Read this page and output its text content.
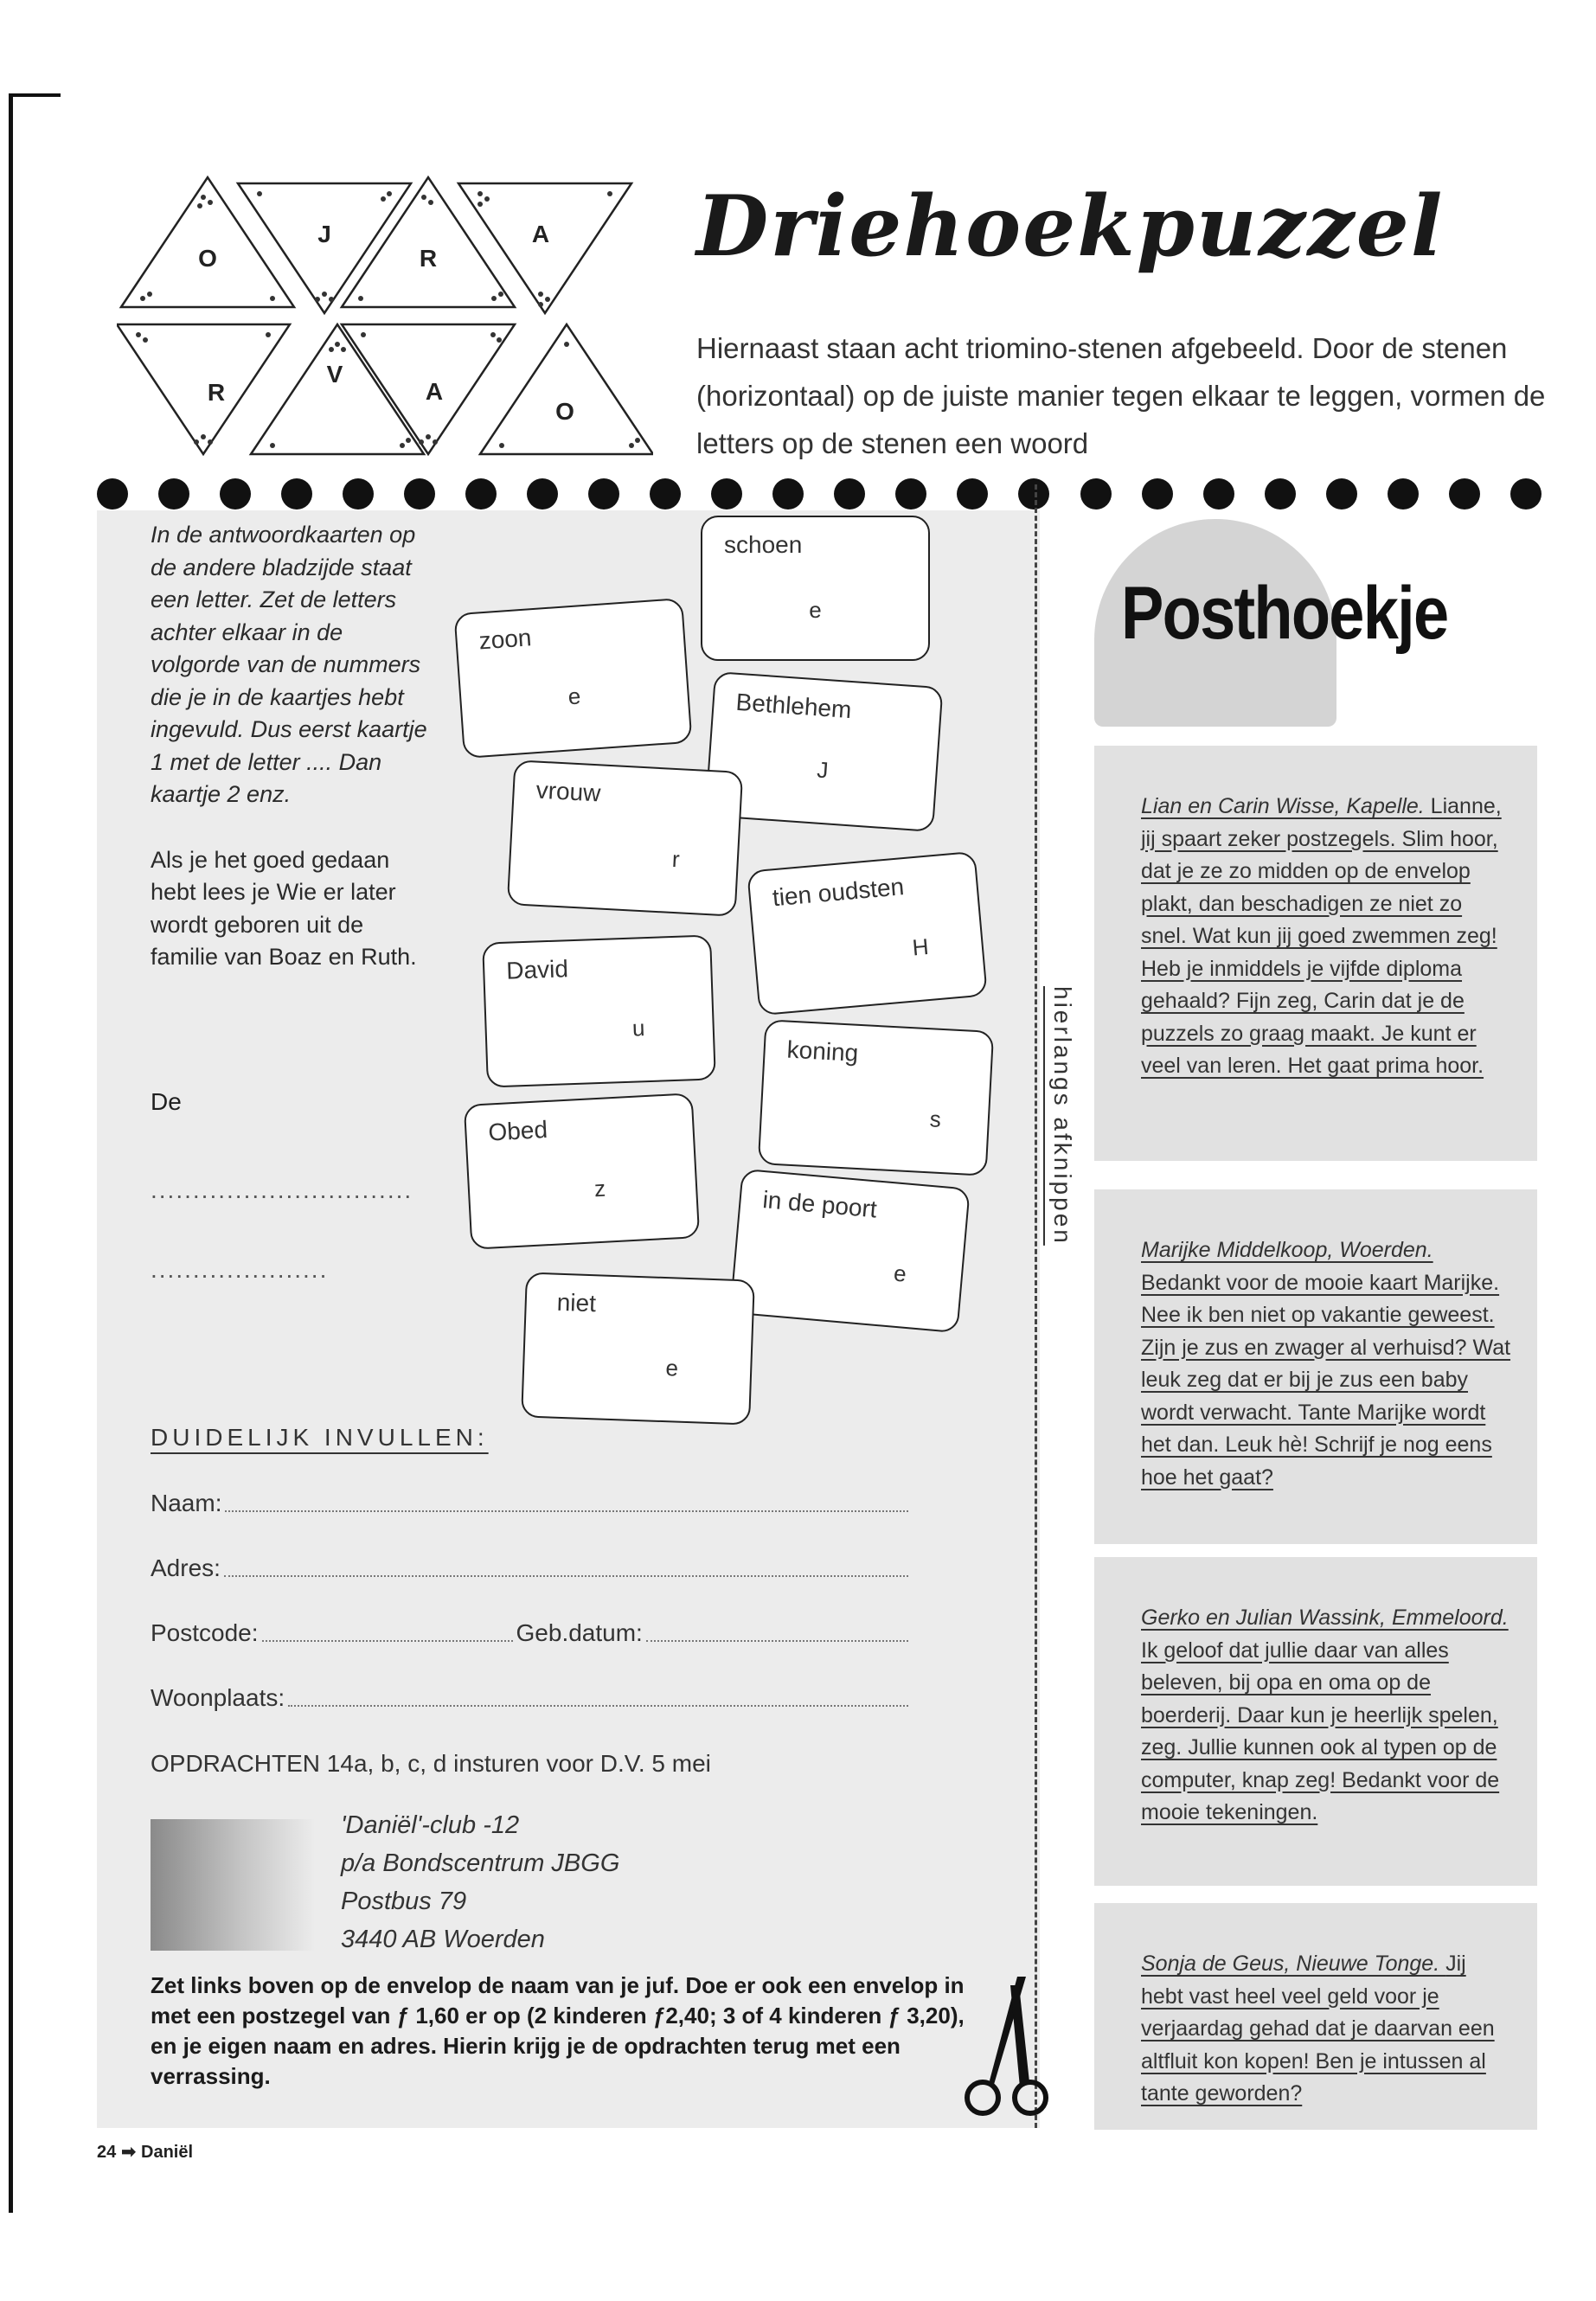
O
J
R
A
R
V
A
O
Driehoekpuzzel
Hiernaast staan acht triomino-stenen afgebeeld. Door de stenen (horizontaal) op de juiste manier tegen elkaar te leggen, vormen de letters op de stenen een woord

In de antwoordkaarten op de andere bladzijde staat een letter. Zet de letters achter elkaar in de volgorde van de nummers die je in de kaartjes hebt ingevuld. Dus eerst kaartje 1 met de letter .... Dan kaartje 2 enz.

Als je het goed gedaan hebt lees je Wie er later wordt geboren uit de familie van Boaz en Ruth.

De
...............................
.....................
schoen
e
zoon
e	Bethlehem
J
vrouw
r
tien oudsten
H
David
u
koning
s
Obed
z	in de poort
e
niet
e
DUIDELIJK INVULLEN:
Naam:
Adres:
Postcode:	Geb.datum:
Woonplaats:
OPDRACHTEN 14a, b, c, d insturen voor D.V. 5 mei
'Daniël'-club -12
p/a Bondscentrum JBGG
Postbus 79
3440 AB Woerden
Zet links boven op de envelop de naam van je juf. Doe er ook een envelop in met een postzegel van ƒ 1,60 er op (2 kinderen ƒ2,40; 3 of 4 kinderen ƒ 3,20), en je eigen naam en adres. Hierin krijg je de opdrachten terug met een verrassing.
hierlangs afknippen
Posthoekje
Lian en Carin Wisse, Kapelle. Lianne, jij spaart zeker postzegels. Slim hoor, dat je ze zo midden op de envelop plakt, dan beschadigen ze niet zo snel. Wat kun jij goed zwemmen zeg! Heb je inmiddels je vijfde diploma gehaald? Fijn zeg, Carin dat je de puzzels zo graag maakt. Je kunt er veel van leren. Het gaat prima hoor.
Marijke Middelkoop, Woerden. Bedankt voor de mooie kaart Marijke. Nee ik ben niet op vakantie geweest. Zijn je zus en zwager al verhuisd? Wat leuk zeg dat er bij je zus een baby wordt verwacht. Tante Marijke wordt het dan. Leuk hè! Schrijf je nog eens hoe het gaat?
Gerko en Julian Wassink, Emmeloord. Ik geloof dat jullie daar van alles beleven, bij opa en oma op de boerderij. Daar kun je heerlijk spelen, zeg. Jullie kunnen ook al typen op de computer, knap zeg! Bedankt voor de mooie tekeningen.
Sonja de Geus, Nieuwe Tonge. Jij hebt vast heel veel geld voor je verjaardag gehad dat je daarvan een altfluit kon kopen! Ben je intussen al tante geworden?
24 ➡ Daniël
